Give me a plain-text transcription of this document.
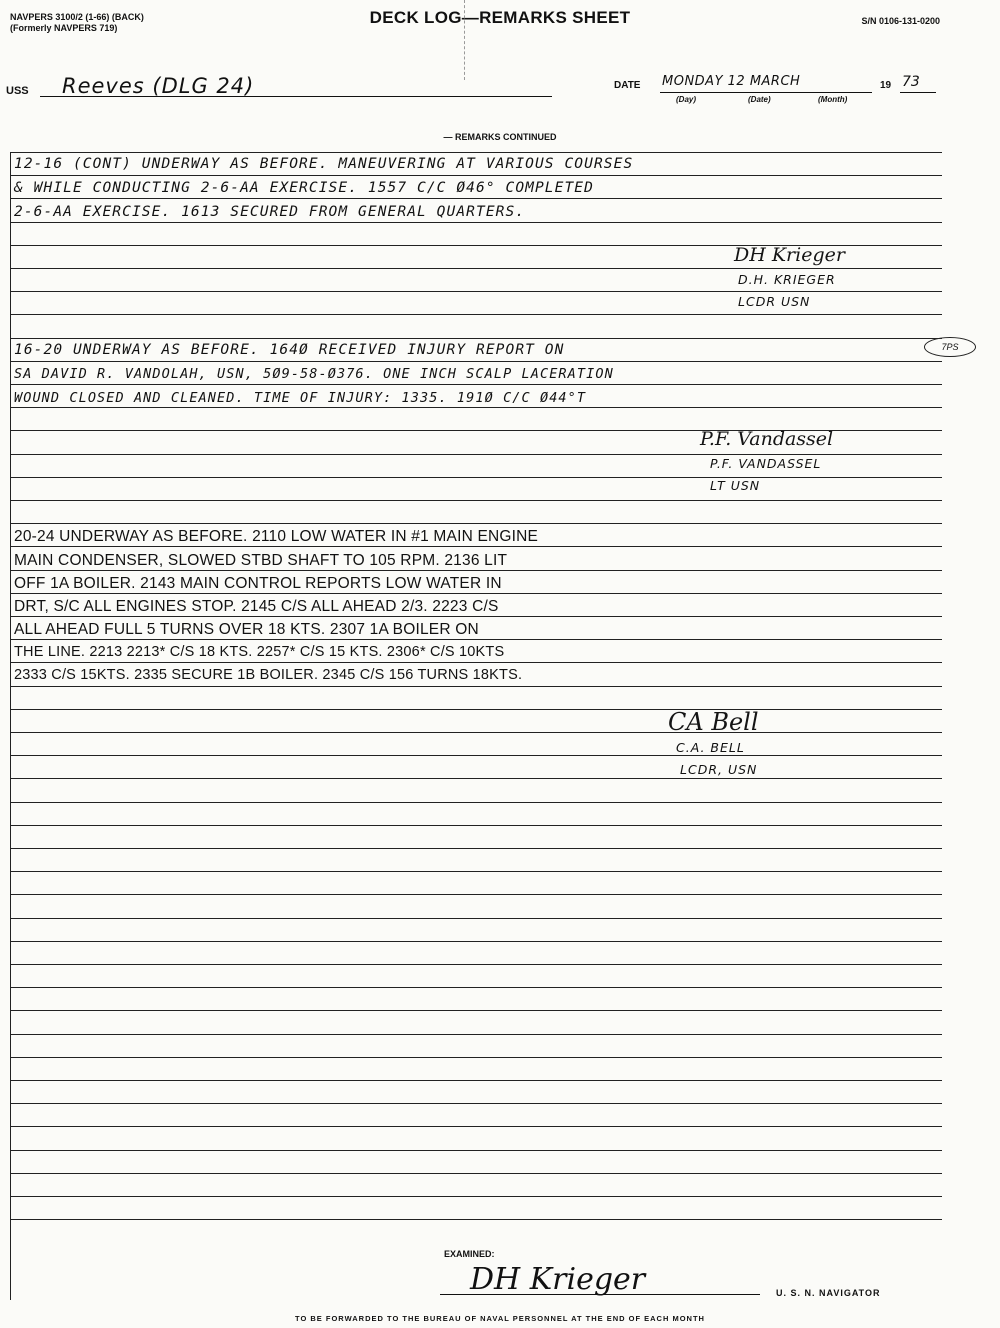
NAVPERS 3100/2 (1-66) (BACK)
(Formerly NAVPERS 719)
DECK LOG—REMARKS SHEET	S/N 0106-131-0200
USS Reeves (DLG 24)	DATE MONDAY 12 MARCH	19 73
(Day)	(Date)	(Month)
— REMARKS CONTINUED
12-16 (CONT) UNDERWAY AS BEFORE. MANEUVERING AT VARIOUS COURSES
& WHILE CONDUCTING 2-6-AA EXERCISE. 1557 C/C Ø46° COMPLETED
2-6-AA EXERCISE. 1613 SECURED FROM GENERAL QUARTERS.
DH Krieger
D.H. KRIEGER
LCDR USN
16-20 UNDERWAY AS BEFORE. 164Ø RECEIVED INJURY REPORT ON
SA DAVID R. VANDOLAH, USN, 5Ø9-58-Ø376. ONE INCH SCALP LACERATION
WOUND CLOSED AND CLEANED. TIME OF INJURY: 1335. 191Ø C/C Ø44°T
7PS
P.F. Vandassel
P.F. VANDASSEL
LT USN
20-24 UNDERWAY AS BEFORE. 2110 LOW WATER IN #1 MAIN ENGINE
MAIN CONDENSER, SLOWED STBD SHAFT TO 105 RPM. 2136 LIT
OFF 1A BOILER. 2143 MAIN CONTROL REPORTS LOW WATER IN
DRT, S/C ALL ENGINES STOP. 2145 C/S ALL AHEAD 2/3. 2223 C/S
ALL AHEAD FULL 5 TURNS OVER 18 KTS. 2307 1A BOILER ON
THE LINE. 2213 2213* C/S 18 KTS. 2257* C/S 15 KTS. 2306* C/S 10KTS
2333 C/S 15KTS. 2335 SECURE 1B BOILER. 2345 C/S 156 TURNS 18KTS.
CA Bell
C.A. BELL
LCDR, USN
EXAMINED:
DH Krieger	U. S. N. NAVIGATOR
TO BE FORWARDED TO THE BUREAU OF NAVAL PERSONNEL AT THE END OF EACH MONTH
